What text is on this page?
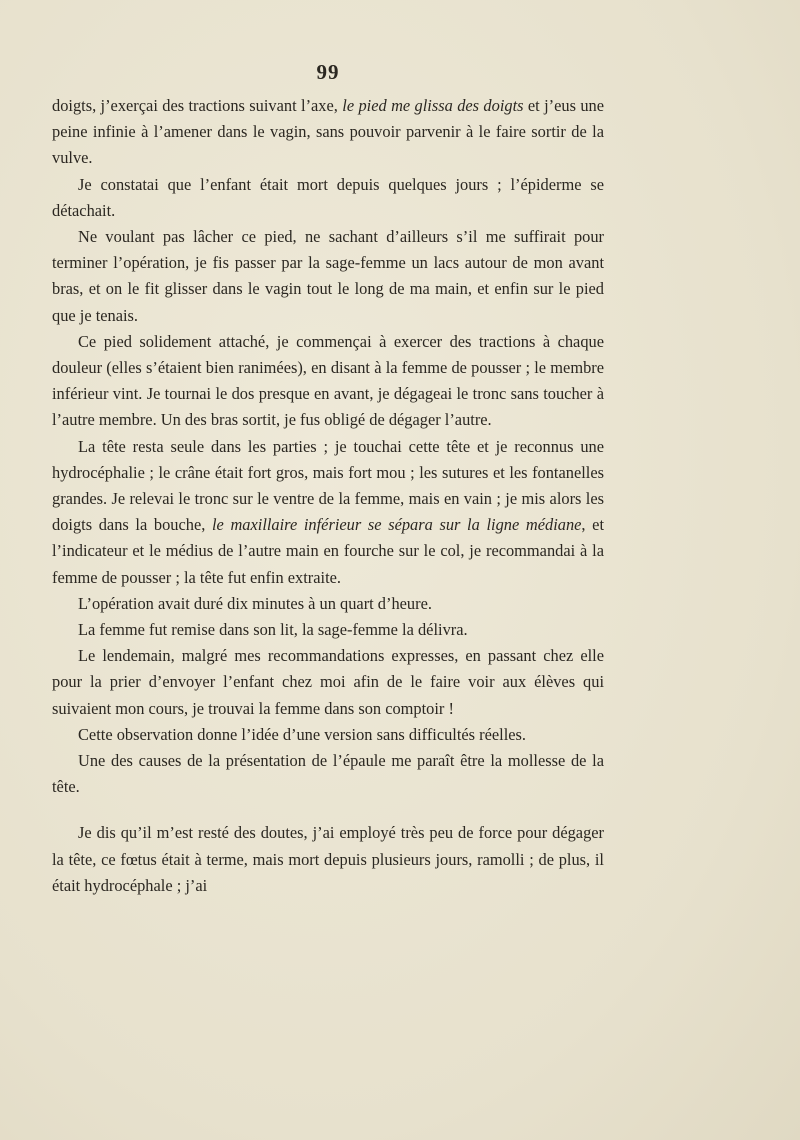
99

doigts, j’exerçai des tractions suivant l’axe, le pied me glissa des doigts et j’eus une peine infinie à l’amener dans le vagin, sans pouvoir parvenir à le faire sortir de la vulve.

Je constatai que l’enfant était mort depuis quelques jours ; l’épiderme se détachait.

Ne voulant pas lâcher ce pied, ne sachant d’ailleurs s’il me suffirait pour terminer l’opération, je fis passer par la sage-femme un lacs autour de mon avant bras, et on le fit glisser dans le vagin tout le long de ma main, et enfin sur le pied que je tenais.

Ce pied solidement attaché, je commençai à exercer des tractions à chaque douleur (elles s’étaient bien ranimées), en disant à la femme de pousser ; le membre inférieur vint. Je tournai le dos presque en avant, je dégageai le tronc sans toucher à l’autre membre. Un des bras sortit, je fus obligé de dégager l’autre.

La tête resta seule dans les parties ; je touchai cette tête et je reconnus une hydrocéphalie ; le crâne était fort gros, mais fort mou ; les sutures et les fontanelles grandes. Je relevai le tronc sur le ventre de la femme, mais en vain ; je mis alors les doigts dans la bouche, le maxillaire inférieur se sépara sur la ligne médiane, et l’indicateur et le médius de l’autre main en fourche sur le col, je recommandai à la femme de pousser ; la tête fut enfin extraite.

L’opération avait duré dix minutes à un quart d’heure.

La femme fut remise dans son lit, la sage-femme la délivra.

Le lendemain, malgré mes recommandations expresses, en passant chez elle pour la prier d’envoyer l’enfant chez moi afin de le faire voir aux élèves qui suivaient mon cours, je trouvai la femme dans son comptoir !

Cette observation donne l’idée d’une version sans difficultés réelles.

Une des causes de la présentation de l’épaule me paraît être la mollesse de la tête.

Je dis qu’il m’est resté des doutes, j’ai employé très peu de force pour dégager la tête, ce fœtus était à terme, mais mort depuis plusieurs jours, ramolli ; de plus, il était hydrocéphale ; j’ai
